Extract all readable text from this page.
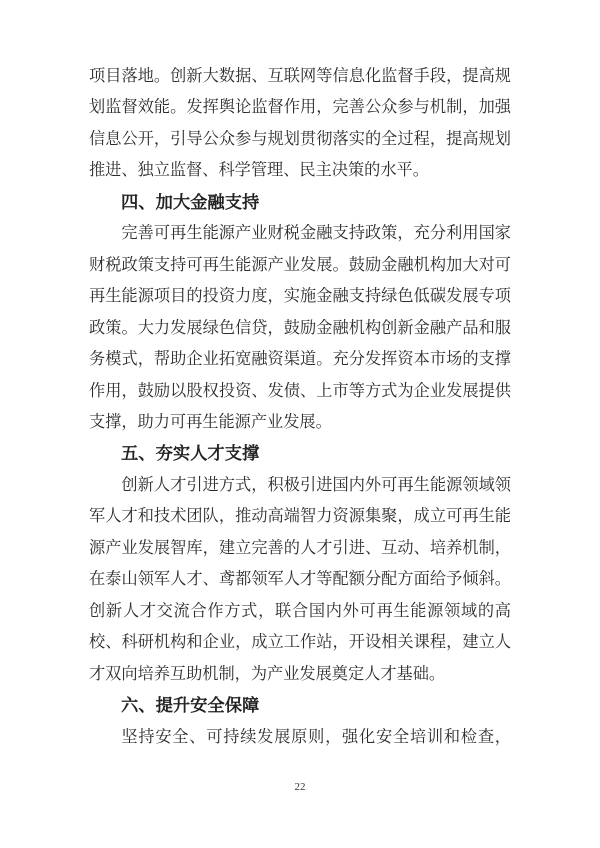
项目落地。创新大数据、互联网等信息化监督手段，提高规划监督效能。发挥舆论监督作用，完善公众参与机制，加强信息公开，引导公众参与规划贯彻落实的全过程，提高规划推进、独立监督、科学管理、民主决策的水平。

四、加大金融支持

完善可再生能源产业财税金融支持政策，充分利用国家财税政策支持可再生能源产业发展。鼓励金融机构加大对可再生能源项目的投资力度，实施金融支持绿色低碳发展专项政策。大力发展绿色信贷，鼓励金融机构创新金融产品和服务模式，帮助企业拓宽融资渠道。充分发挥资本市场的支撑作用，鼓励以股权投资、发债、上市等方式为企业发展提供支撑，助力可再生能源产业发展。

五、夯实人才支撑

创新人才引进方式，积极引进国内外可再生能源领域领军人才和技术团队，推动高端智力资源集聚，成立可再生能源产业发展智库，建立完善的人才引进、互动、培养机制，在泰山领军人才、鸢都领军人才等配额分配方面给予倾斜。创新人才交流合作方式，联合国内外可再生能源领域的高校、科研机构和企业，成立工作站，开设相关课程，建立人才双向培养互助机制，为产业发展奠定人才基础。

六、提升安全保障

坚持安全、可持续发展原则，强化安全培训和检查，

22
